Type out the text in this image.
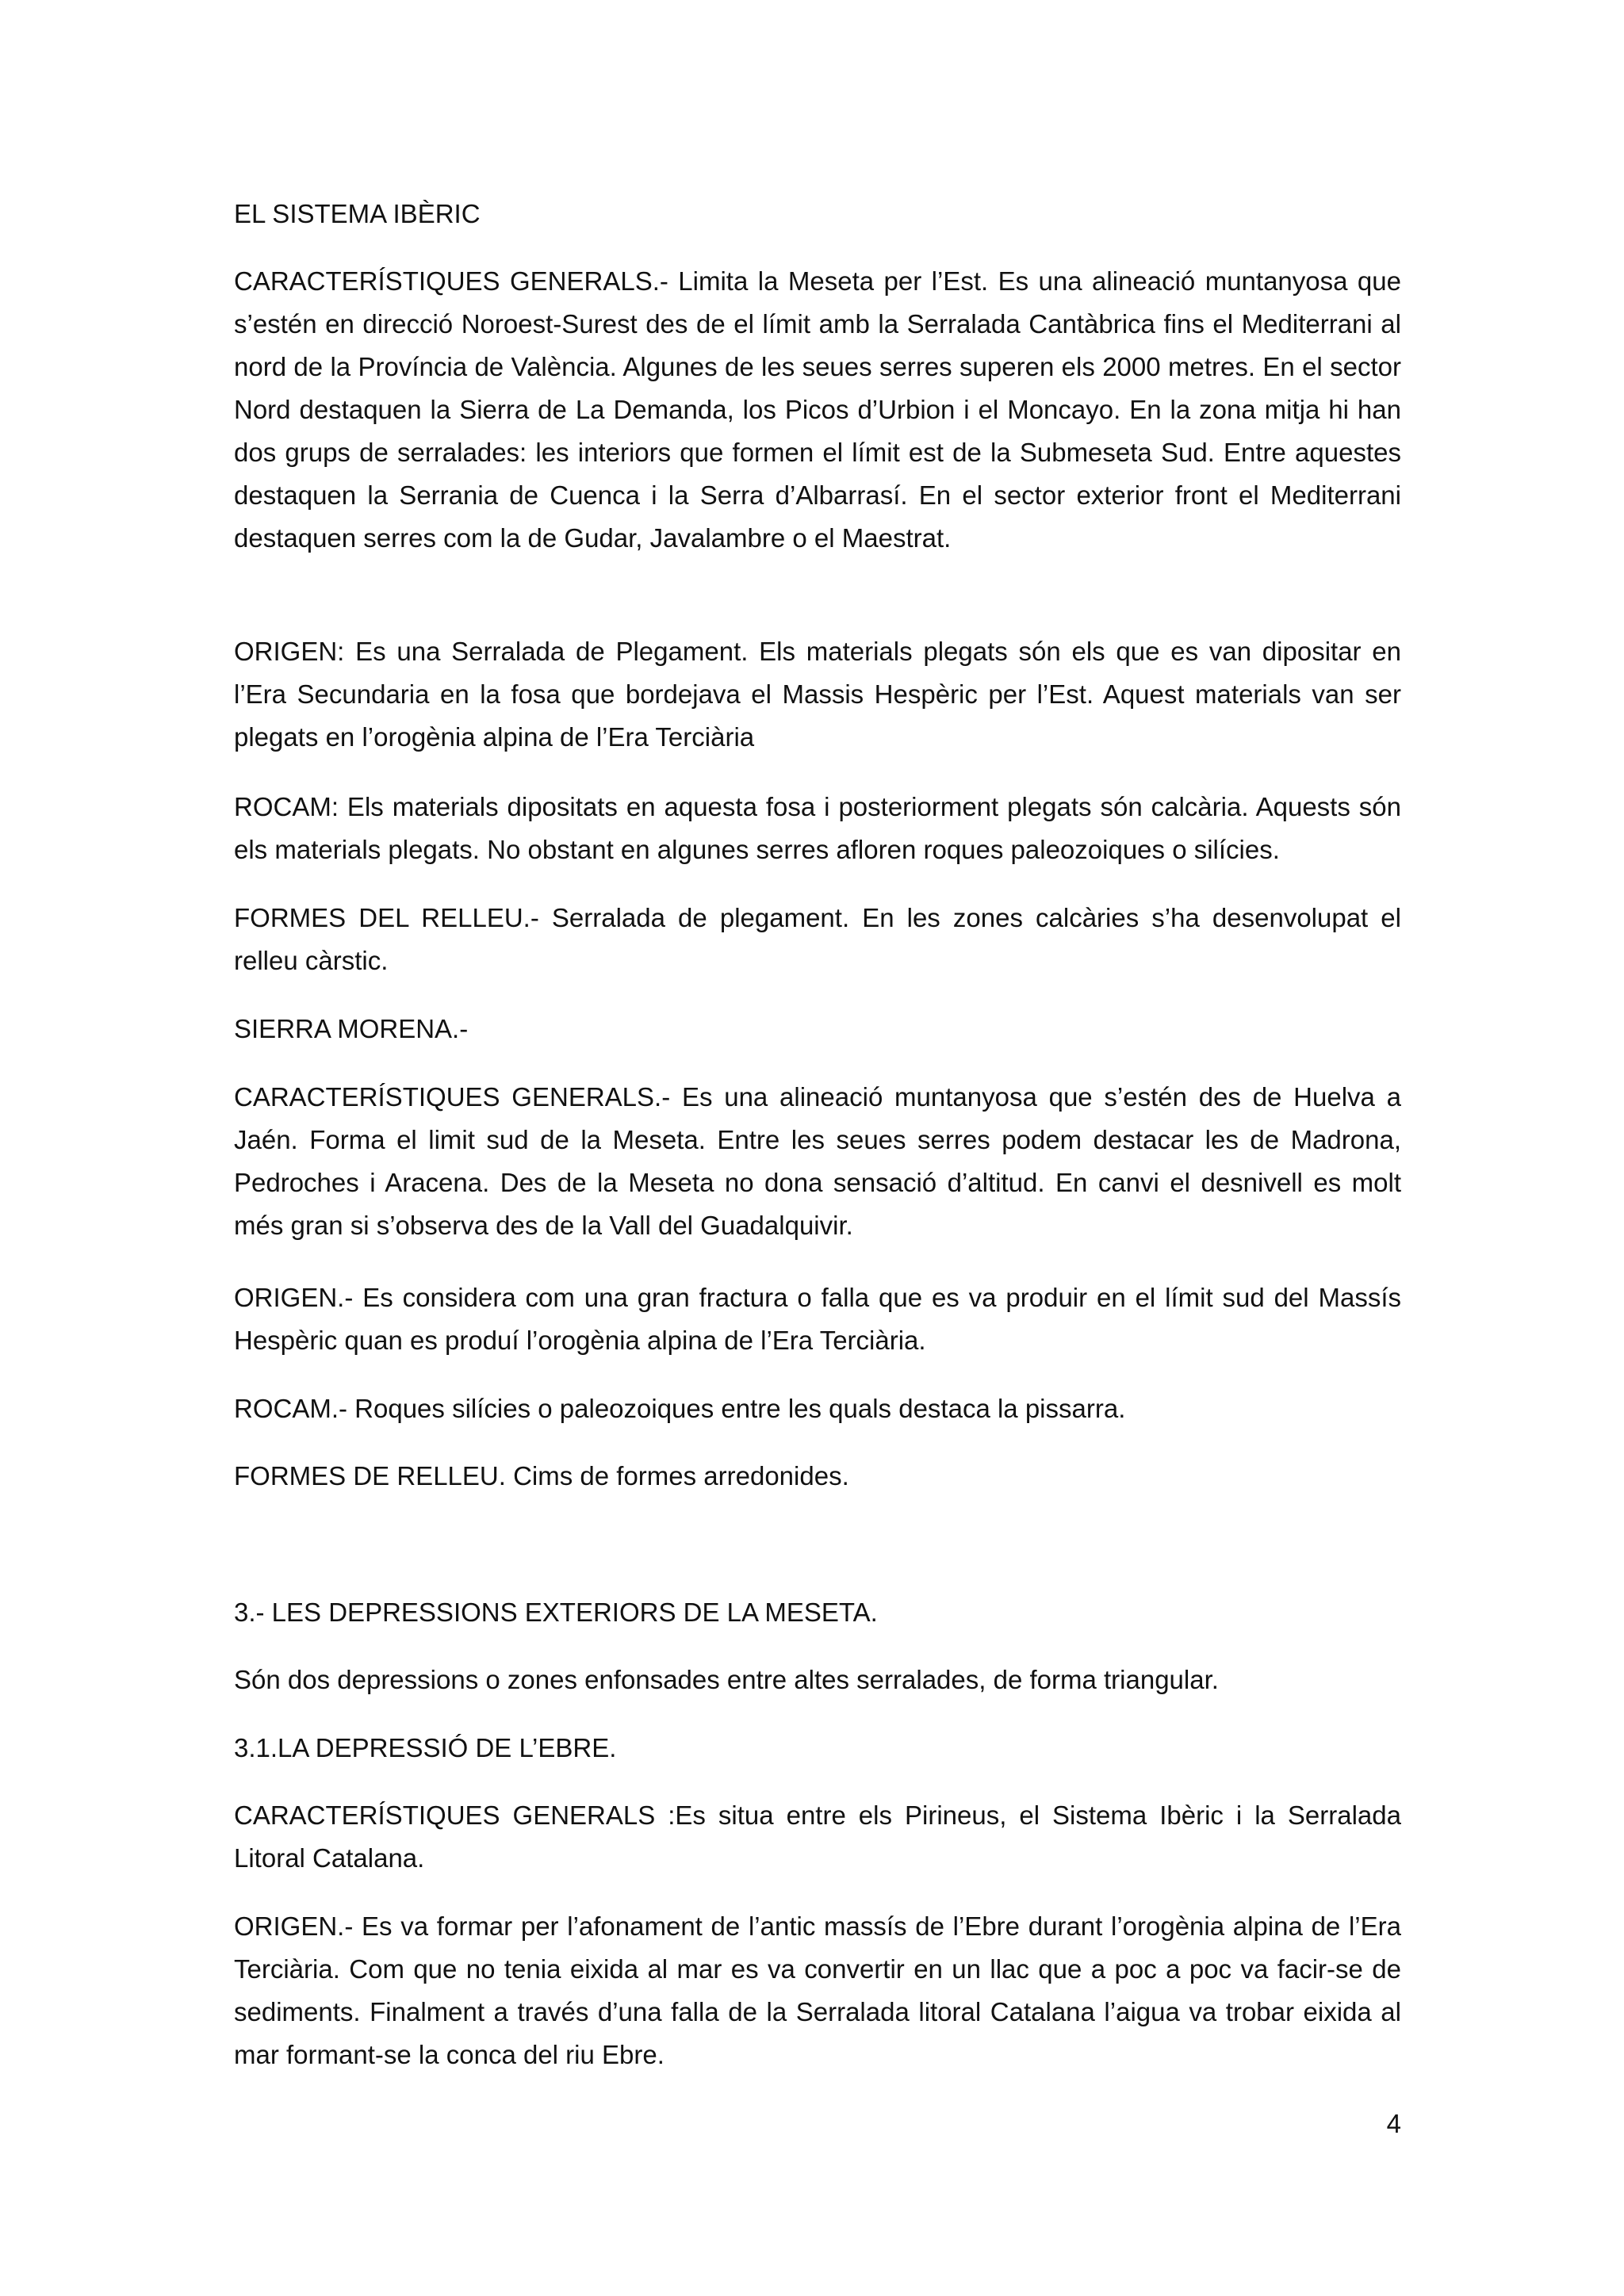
EL SISTEMA IBÈRIC

CARACTERÍSTIQUES GENERALS.- Limita la Meseta per l’Est. Es una alineació muntanyosa que s’estén en direcció Noroest-Surest des de el límit amb la Serralada Cantàbrica fins el Mediterrani al nord de la Província de València. Algunes de les seues serres superen els 2000 metres. En el sector Nord destaquen la Sierra de La Demanda, los Picos d’Urbion i el Moncayo. En la zona mitja hi han dos grups de serralades: les interiors que formen el límit est de la Submeseta Sud. Entre aquestes destaquen la Serrania de Cuenca i la Serra d’Albarrasí. En el sector exterior front el Mediterrani destaquen serres com la de Gudar, Javalambre o el Maestrat.

ORIGEN: Es una Serralada de Plegament. Els materials plegats són els que es van dipositar en l’Era Secundaria en la fosa que bordejava el Massis Hespèric per l’Est. Aquest materials van ser plegats en l’orogènia alpina de l’Era Terciària

ROCAM: Els materials dipositats en aquesta fosa i posteriorment plegats són calcària. Aquests són els materials plegats. No obstant en algunes serres afloren roques paleozoiques o silícies.

FORMES DEL RELLEU.- Serralada de plegament. En les zones calcàries s’ha desenvolupat el relleu càrstic.

SIERRA MORENA.-

CARACTERÍSTIQUES GENERALS.- Es una alineació muntanyosa que s’estén des de Huelva a Jaén. Forma el limit sud de la Meseta. Entre les seues serres podem destacar les de Madrona, Pedroches i Aracena. Des de la Meseta no dona sensació d’altitud. En canvi el desnivell es molt més gran si s’observa des de la Vall del Guadalquivir.

ORIGEN.- Es considera com una gran fractura o falla que es va produir en el límit sud del Massís Hespèric quan es produí l’orogènia alpina de l’Era Terciària.

ROCAM.- Roques silícies o paleozoiques entre les quals destaca la pissarra.

FORMES DE RELLEU. Cims de formes arredonides.

3.- LES DEPRESSIONS EXTERIORS DE LA MESETA.

Són dos depressions o zones enfonsades entre altes serralades, de forma triangular.

3.1.LA DEPRESSIÓ DE L’EBRE.

CARACTERÍSTIQUES GENERALS :Es situa entre els Pirineus, el Sistema Ibèric i la Serralada Litoral Catalana.

ORIGEN.- Es va formar per l’afonament de l’antic massís de l’Ebre durant l’orogènia alpina de l’Era Terciària. Com que no tenia eixida al mar es va convertir en un llac que a poc a poc va facir-se de sediments. Finalment a través d’una falla de la Serralada litoral Catalana l’aigua va trobar eixida al mar formant-se la conca del riu Ebre.

4
